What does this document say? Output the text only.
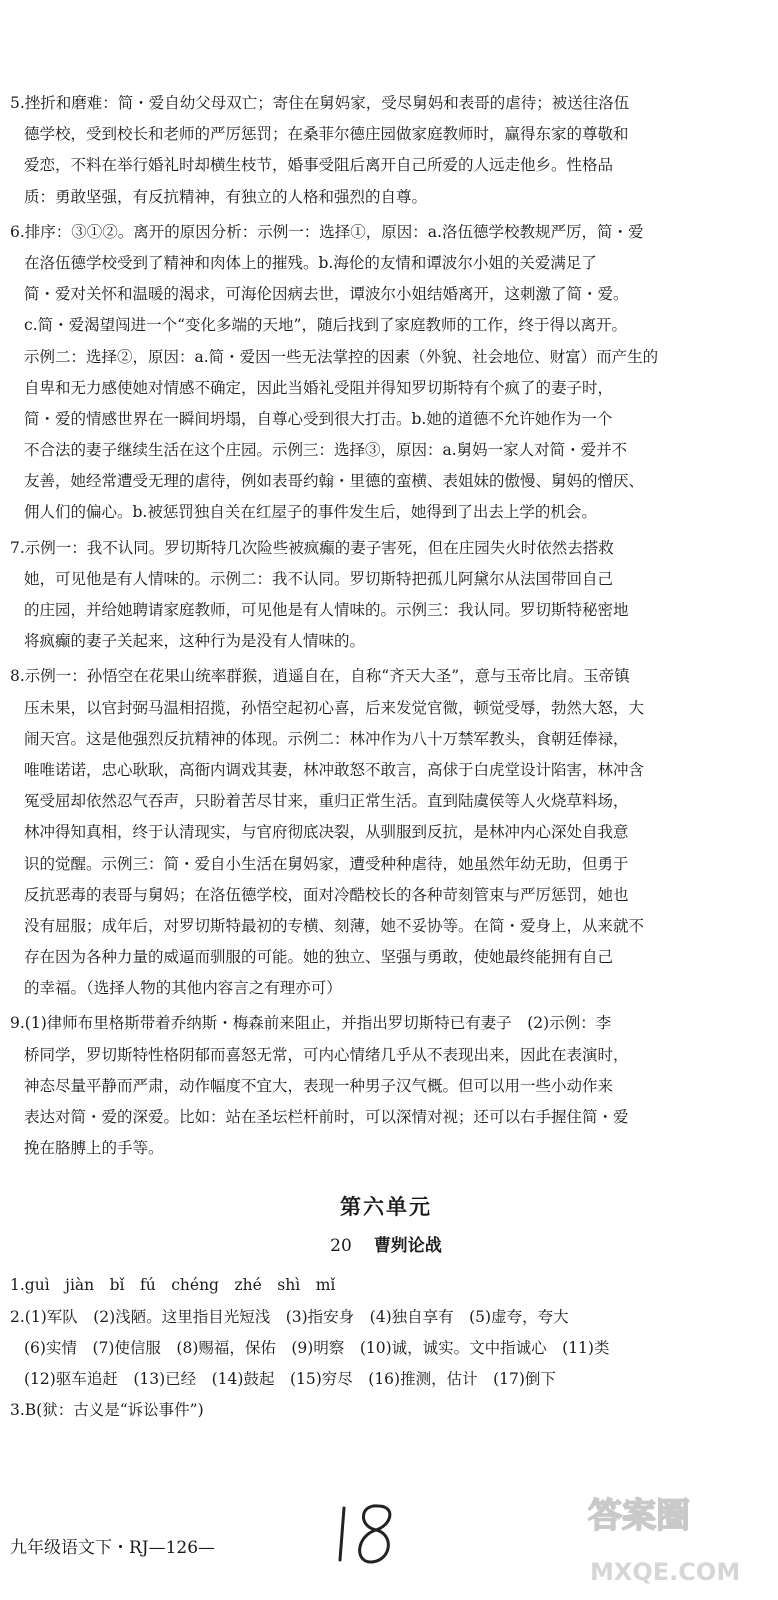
5.挫折和磨难：简・爱自幼父母双亡；寄住在舅妈家，受尽舅妈和表哥的虐待；被送往洛伍
德学校，受到校长和老师的严厉惩罚；在桑菲尔德庄园做家庭教师时，赢得东家的尊敬和
爱恋，不料在举行婚礼时却横生枝节，婚事受阻后离开自己所爱的人远走他乡。性格品
质：勇敢坚强，有反抗精神，有独立的人格和强烈的自尊。
6.排序：③①②。离开的原因分析：示例一：选择①，原因：a.洛伍德学校教规严厉，简・爱
在洛伍德学校受到了精神和肉体上的摧残。b.海伦的友情和谭波尔小姐的关爱满足了
简・爱对关怀和温暖的渴求，可海伦因病去世，谭波尔小姐结婚离开，这刺激了简・爱。
c.简・爱渴望闯进一个“变化多端的天地”，随后找到了家庭教师的工作，终于得以离开。
示例二：选择②，原因：a.简・爱因一些无法掌控的因素（外貌、社会地位、财富）而产生的
自卑和无力感使她对情感不确定，因此当婚礼受阻并得知罗切斯特有个疯了的妻子时，
简・爱的情感世界在一瞬间坍塌，自尊心受到很大打击。b.她的道德不允许她作为一个
不合法的妻子继续生活在这个庄园。示例三：选择③，原因：a.舅妈一家人对简・爱并不
友善，她经常遭受无理的虐待，例如表哥约翰・里德的蛮横、表姐妹的傲慢、舅妈的憎厌、
佣人们的偏心。b.被惩罚独自关在红屋子的事件发生后，她得到了出去上学的机会。
7.示例一：我不认同。罗切斯特几次险些被疯癫的妻子害死，但在庄园失火时依然去搭救
她，可见他是有人情味的。示例二：我不认同。罗切斯特把孤儿阿黛尔从法国带回自己
的庄园，并给她聘请家庭教师，可见他是有人情味的。示例三：我认同。罗切斯特秘密地
将疯癫的妻子关起来，这种行为是没有人情味的。
8.示例一：孙悟空在花果山统率群猴，逍遥自在，自称“齐天大圣”，意与玉帝比肩。玉帝镇
压未果，以官封弼马温相招揽，孙悟空起初心喜，后来发觉官微，顿觉受辱，勃然大怒，大
闹天宫。这是他强烈反抗精神的体现。示例二：林冲作为八十万禁军教头，食朝廷俸禄，
唯唯诺诺，忠心耿耿，高衙内调戏其妻，林冲敢怒不敢言，高俅于白虎堂设计陷害，林冲含
冤受屈却依然忍气吞声，只盼着苦尽甘来，重归正常生活。直到陆虞侯等人火烧草料场，
林冲得知真相，终于认清现实，与官府彻底决裂，从驯服到反抗，是林冲内心深处自我意
识的觉醒。示例三：简・爱自小生活在舅妈家，遭受种种虐待，她虽然年幼无助，但勇于
反抗恶毒的表哥与舅妈；在洛伍德学校，面对冷酷校长的各种苛刻管束与严厉惩罚，她也
没有屈服；成年后，对罗切斯特最初的专横、刻薄，她不妥协等。在简・爱身上，从来就不
存在因为各种力量的威逼而驯服的可能。她的独立、坚强与勇敢，使她最终能拥有自己
的幸福。（选择人物的其他内容言之有理亦可）
9.(1)律师布里格斯带着乔纳斯・梅森前来阻止，并指出罗切斯特已有妻子　(2)示例：李
桥同学，罗切斯特性格阴郁而喜怒无常，可内心情绪几乎从不表现出来，因此在表演时，
神态尽量平静而严肃，动作幅度不宜大，表现一种男子汉气概。但可以用一些小动作来
表达对简・爱的深爱。比如：站在圣坛栏杆前时，可以深情对视；还可以右手握住简・爱
挽在胳膊上的手等。
第六单元
20 曹刿论战
1.guì　jiàn　bǐ　fú　chéng　zhé　shì　mǐ
2.(1)军队　(2)浅陋。这里指目光短浅　(3)指安身　(4)独自享有　(5)虚夸，夸大
(6)实情　(7)使信服　(8)赐福，保佑　(9)明察　(10)诚，诚实。文中指诚心　(11)类
(12)驱车追赶　(13)已经　(14)鼓起　(15)穷尽　(16)推测，估计　(17)倒下
3.B(狱：古义是“诉讼事件”)
九年级语文下・RJ—126—
答案圈
MXQE.COM
